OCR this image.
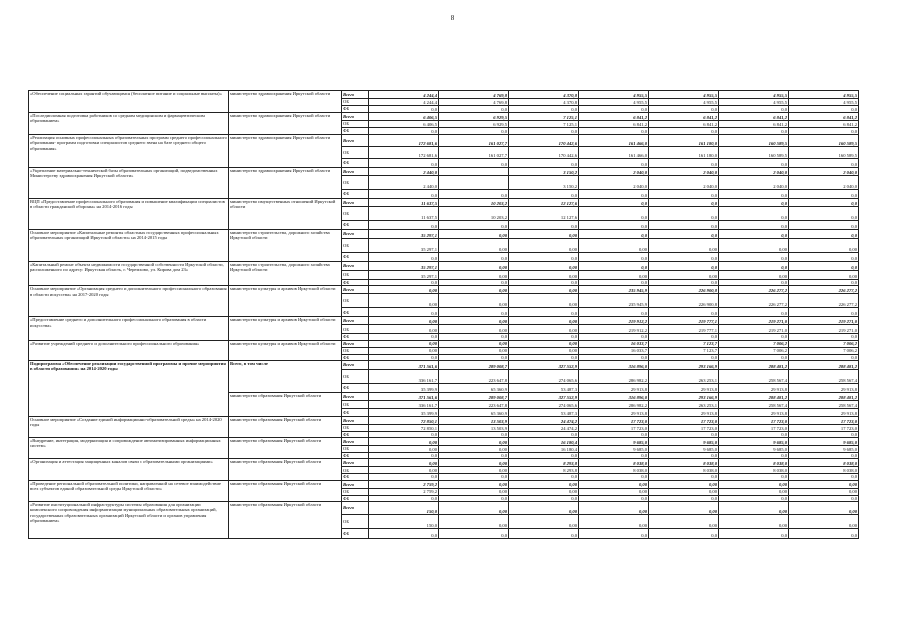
8
«Обеспечение социальных гарантий обучающимся (бесплатное питание и социальные выплаты)»	министерство здравоохранения Иркутской области	Всего	4 244,4	4 769,8	4 370,8	4 955,5	4 955,5	4 955,5	4 955,5
		ОБ	4 244,4	4 769,8	4 370,8	4 955,5	4 955,5	4 955,5	4 955,5
		ФБ	0,0	0,0	0,0	0,0	0,0	0,0	0,0
«Последипломная подготовка работников со средним медицинским и фармацевтическим образованием»	министерство здравоохранения Иркутской области	Всего	6 406,5	6 929,5	7 125,1	6 841,2	6 841,2	6 841,2	6 841,2
		ОБ	6 406,5	6 929,5	7 125,1	6 841,2	6 841,2	6 841,2	6 841,2
		ФБ	0,0	0,0	0,0	0,0	0,0	0,0	0,0
«Реализация основных профессиональных образовательных программ среднего профессионального образования- программ подготовки специалистов среднего звена на базе среднего общего образования»	министерство здравоохранения Иркутской области	Всего	172 681,6	161 027,7	170 442,6	161 466,0	161 180,0	160 589,5	160 589,5
		ОБ	172 681,6	161 027,7	170 442,6	161 466,0	161 180,0	160 589,5	160 589,5
		ФБ	0,0	0,0	0,0	0,0	0,0	0,0	0,0
«Укрепление материально-технической базы образовательных организаций, подведомственных Министерству здравоохранения Иркутской области»	министерство здравоохранения Иркутской области	Всего	2 440,0		3 150,2	2 040,0	2 040,0	2 040,0	2 040,0
		ОБ	2 440,0		3 150,2	2 040,0	2 040,0	2 040,0	2 040,0
		ФБ	0,0	0,0	0,0	0,0	0,0	0,0	0,0
ВЦП «Предоставление профессионального образования и повышение квалификации специалистов в области гражданской обороны» на 2014-2016 годы	министерство имущественных отношений Иркутской области	Всего	11 637,5	10 203,2	12 127,6	0,0	0,0	0,0	0,0
		ОБ	11 637,5	10 203,2	12 127,6	0,0	0,0	0,0	0,0
		ФБ	0,0	0,0	0,0	0,0	0,0	0,0	0,0
Основное мероприятие «Капитальные ремонты областных государственных профессиональных образовательных организаций Иркутской области» на 2014-2015 годы	министерство строительства, дорожного хозяйства Иркутской области	Всего	35 297,1	0,00	0,00	0,0	0,0	0,0	0,0
		ОБ	35 297,1	0,00	0,00	0,00	0,00	0,00	0,00
		ФБ	0,0	0,0	0,0	0,0	0,0	0,0	0,0
«Капитальный ремонт объекта недвижимости государственной собственности Иркутской области, расположенного по адресу: Иркутская область, г. Черемхово, ул. Кирова дом 23»	министерство строительства, дорожного хозяйства Иркутской области	Всего	35 297,1	0,00	0,00	0,0	0,0	0,0	0,0
		ОБ	35 297,1	0,00	0,00	0,00	0,00	0,00	0,00
		ФБ	0,0	0,0	0,0	0,0	0,0	0,0	0,0
Основное мероприятие «Организация среднего и дополнительного профессионального образования в области искусства» на 2017-2020 годы	министерство культуры и архивов Иркутской области	Всего	0,00	0,00	0,00	235 945,9	226 900,8	226 277,2	226 277,2
		ОБ	0,00	0,00	0,00	235 945,9	226 900,8	226 277,2	226 277,2
		ФБ	0,0	0,0	0,0	0,0	0,0	0,0	0,0
«Предоставление среднего и дополнительного профессионального образования в области искусства»	министерство культуры и архивов Иркутской области	Всего	0,00	0,00	0,00	219 912,2	219 777,1	219 271,0	219 271,0
		ОБ	0,00	0,00	0,00	219 912,2	219 777,1	219 271,0	219 271,0
		ФБ	0,0	0,0	0,0	0,0	0,0	0,0	0,0
«Развитие учреждений среднего и дополнительного профессионального образования»	министерство культуры и архивов Иркутской области	Всего	0,00	0,00	0,00	16 033,7	7 123,7	7 006,2	7 006,2
		ОБ	0,00	0,00	0,00	16 033,7	7 123,7	7 006,2	7 006,2
		ФБ	0,0	0,0	0,0	0,0	0,0	0,0	0,0
Подпрограмма «Обеспечение реализации государственной программы и прочие мероприятия в области образования» на 2014-2020 годы	Всего, в том числе	Всего	371 561,6	289 008,7	327 552,9	316 896,0	293 166,9	288 481,2	288 481,2
		ОБ	336 161,7	223 647,8	274 065,6	286 982,2	263 253,1	258 567,4	258 567,4
		ФБ	35 399,9	65 360,9	53 487,3	29 913,8	29 913,8	29 913,8	29 913,8
	министерство образования Иркутской области	Всего	371 561,6	289 008,7	327 552,9	316 896,0	293 166,9	288 481,2	288 481,2
		ОБ	336 161,7	223 647,8	274 065,6	286 982,2	263 253,1	258 567,4	258 567,4
		ФБ	35 399,9	65 360,9	53 487,3	29 913,8	29 913,8	29 913,8	29 913,8
Основное мероприятие «Создание единой информационно-образовательной среды» на 2014-2020 годы	министерство образования Иркутской области	Всего	72 850,1	13 503,9	24 474,2	17 723,0	17 723,0	17 723,0	17 723,0
		ОБ	72 850,1	13 503,9	24 474,2	17 723,0	17 723,0	17 723,0	17 723,0
		ФБ	0,0	0,0	0,0	0,0	0,0	0,0	0,0
«Внедрение, интеграция, модернизация и сопровождение автоматизированных информационных систем»	министерство образования Иркутской области	Всего	0,00	0,00	16 180,4	9 685,0	9 685,0	9 685,0	9 685,0
		ОБ	0,00	0,00	16 180,4	9 685,0	9 685,0	9 685,0	9 685,0
		ФБ	0,0	0,0	0,0	0,0	0,0	0,0	0,0
«Организация и аттестация защищенных каналов связи с образовательными организациями»	министерство образования Иркутской области	Всего	0,00	0,00	8 293,8	8 038,0	8 038,0	8 038,0	8 038,0
		ОБ	0,00	0,00	8 293,8	8 038,0	8 038,0	8 038,0	8 038,0
		ФБ	0,0	0,0	0,0	0,0	0,0	0,0	0,0
«Проведение региональной образовательной политики, направленной на сетевое взаимодействие всех субъектов единой образовательной среды Иркутской области»	министерство образования Иркутской области	Всего	2 759,2	0,00	0,00	0,00	0,00	0,00	0,00
		ОБ	2 759,2	0,00	0,00	0,00	0,00	0,00	0,00
		ФБ	0,0	0,0	0,0	0,0	0,0	0,0	0,0
«Развитие институциональной инфраструктуры системы образования для организации комплексного сопровождения информатизации муниципальных образовательных организаций, государственных образовательных организаций Иркутской области и органов управления образованием»	министерство образования Иркутской области	Всего	150,0	0,00	0,00	0,00	0,00	0,00	0,00
		ОБ	150,0	0,00	0,00	0,00	0,00	0,00	0,00
		ФБ	0,0	0,0	0,0	0,0	0,0	0,0	0,0
